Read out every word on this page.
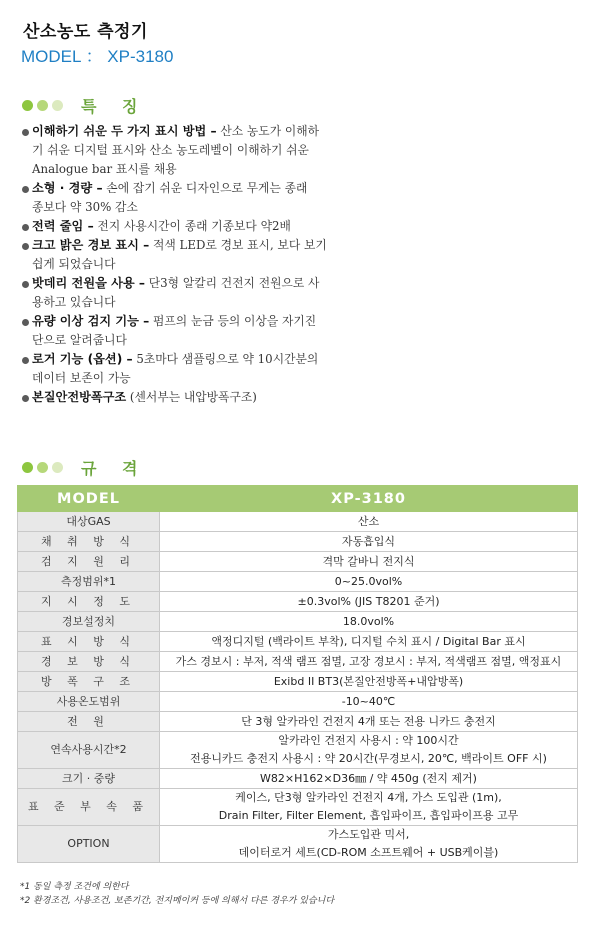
산소농도 측정기
MODEL ： XP-3180
특 징
이해하기 쉬운 두 가지 표시 방법 – 산소 농도가 이해하
기 쉬운 디지털 표시와 산소 농도레벨이 이해하기 쉬운
Analogue bar 표시를 채용
소형 · 경량 – 손에 잡기 쉬운 디자인으로 무게는 종래
종보다 약 30% 감소
전력 줄임 – 전지 사용시간이 종래 기종보다 약2배
크고 밝은 경보 표시 – 적색 LED로 경보 표시, 보다 보기
쉽게 되었습니다
밧데리 전원을 사용 – 단3형 알칼리 건전지 전원으로 사
용하고 있습니다
유량 이상 검지 기능 – 펌프의 눈금 등의 이상을 자기진
단으로 알려줍니다
로거 기능 (옵션) – 5초마다 샘플링으로 약 10시간분의
데이터 보존이 가능
본질안전방폭구조 (센서부는 내압방폭구조)
규 격
MODEL	XP-3180
대상GAS	산소

채 취 방 식	자동흡입식

검 지 원 리	격막 갈바니 전지식

측정범위*1	0~25.0vol%

지 시 정 도	±0.3vol% (JIS T8201 준거)

경보설정치	18.0vol%

표 시 방 식	액정디지털 (백라이트 부착), 디지털 수치 표시 / Digital Bar 표시

경 보 방 식	가스 경보시 : 부저, 적색 램프 점멸, 고장 경보시 : 부저, 적색램프 점멸, 액정표시

방 폭 구 조	Exibd II BT3(본질안전방폭+내압방폭)

사용온도범위	-10~40℃

전 원	단 3형 알카라인 건전지 4개 또는 전용 니카드 충전지

연속사용시간*2	알카라인 건전지 사용시 : 약 100시간
전용니카드 충전지 사용시 : 약 20시간(무경보시, 20℃, 백라이트 OFF 시)

크기 · 중량	W82×H162×D36㎜ / 약 450g (전지 제거)

표 준 부 속 품	케이스, 단3형 알카라인 건전지 4개, 가스 도입관 (1m),
Drain Filter, Filter Element, 흡입파이프, 흡입파이프용 고무

OPTION	가스도입관 믹서,
데이터로거 세트(CD-ROM 소프트웨어 + USB케이블)
*1 동일 측정 조건에 의한다
*2 환경조건, 사용조건, 보존기간, 전지메이커 등에 의해서 다른 경우가 있습니다
